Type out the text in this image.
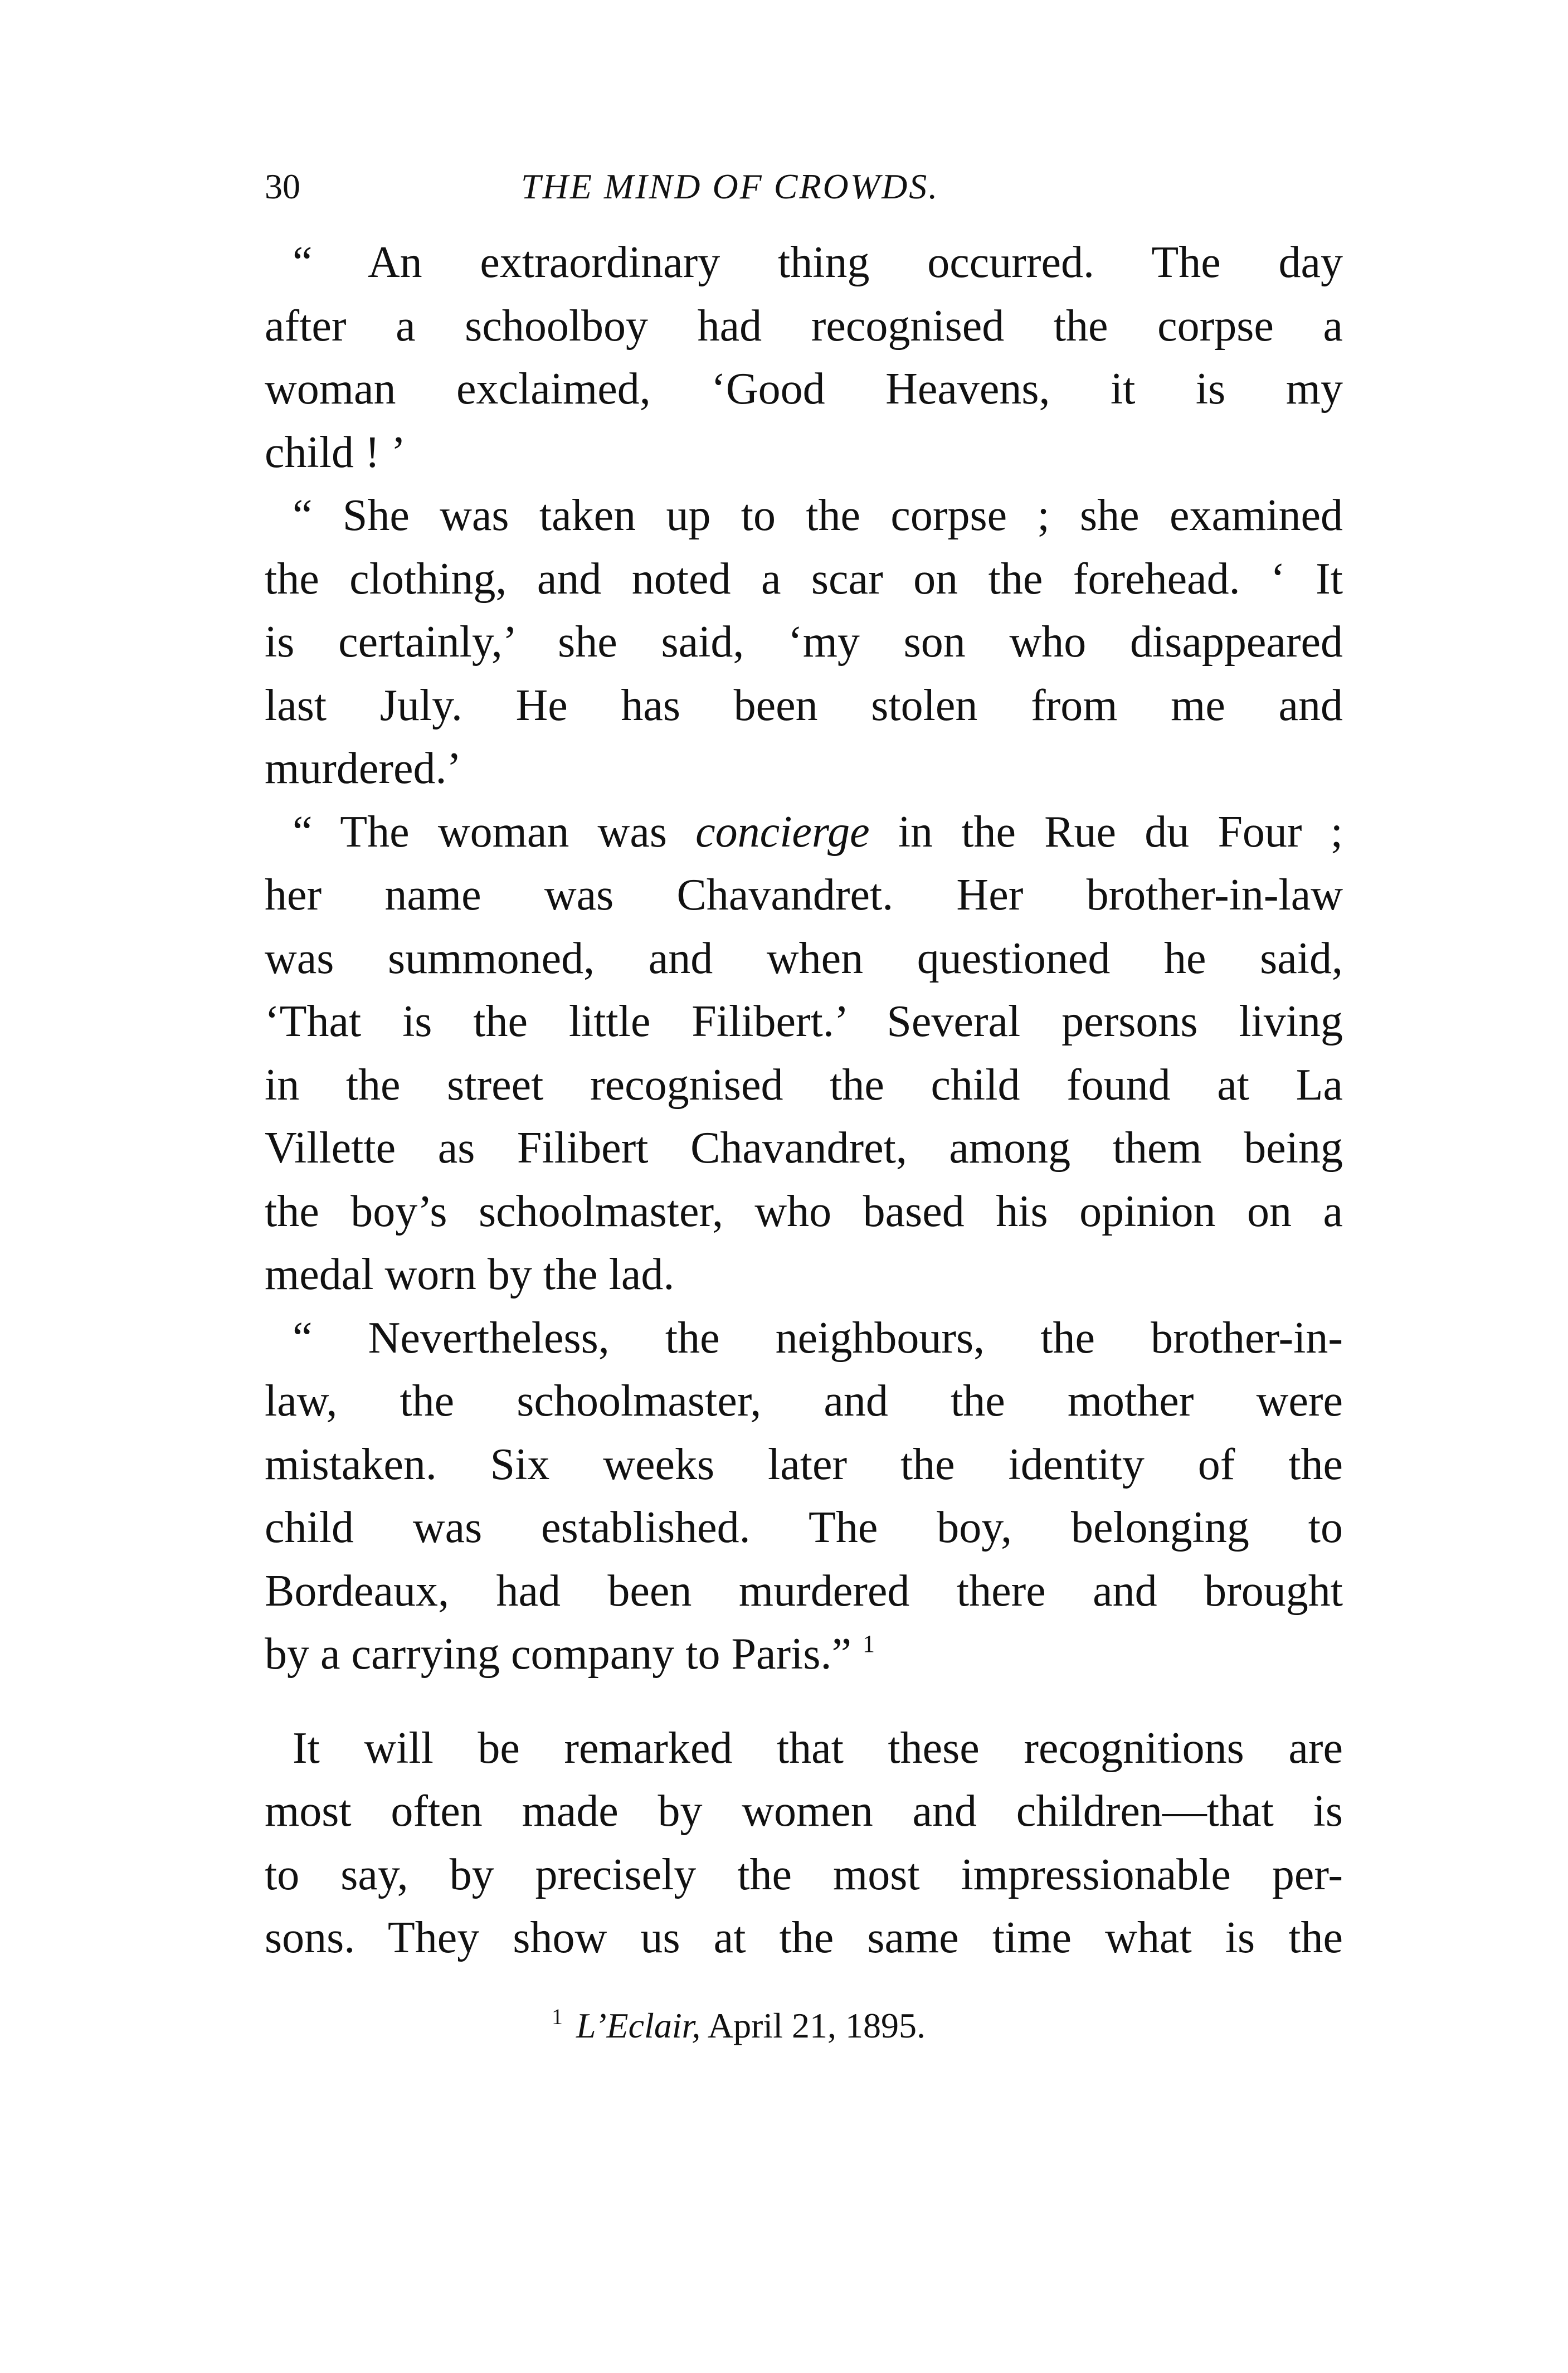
30	THE MIND OF CROWDS.

“ An extraordinary thing occurred. The day
after a schoolboy had recognised the corpse a
woman exclaimed, ‘Good Heavens, it is my
child ! ’

“ She was taken up to the corpse ; she examined
the clothing, and noted a scar on the forehead. ‘ It
is certainly,’ she said, ‘my son who disappeared
last July. He has been stolen from me and
murdered.’

“ The woman was concierge in the Rue du Four ;
her name was Chavandret. Her brother-in-law
was summoned, and when questioned he said,
‘That is the little Filibert.’ Several persons living
in the street recognised the child found at La
Villette as Filibert Chavandret, among them being
the boy’s schoolmaster, who based his opinion on a
medal worn by the lad.

“ Nevertheless, the neighbours, the brother-in-
law, the schoolmaster, and the mother were
mistaken. Six weeks later the identity of the
child was established. The boy, belonging to
Bordeaux, had been murdered there and brought
by a carrying company to Paris.” $^1$

It will be remarked that these recognitions are
most often made by women and children—that is
to say, by precisely the most impressionable per-
sons. They show us at the same time what is the

$^1$ L’Eclair, April 21, 1895.
